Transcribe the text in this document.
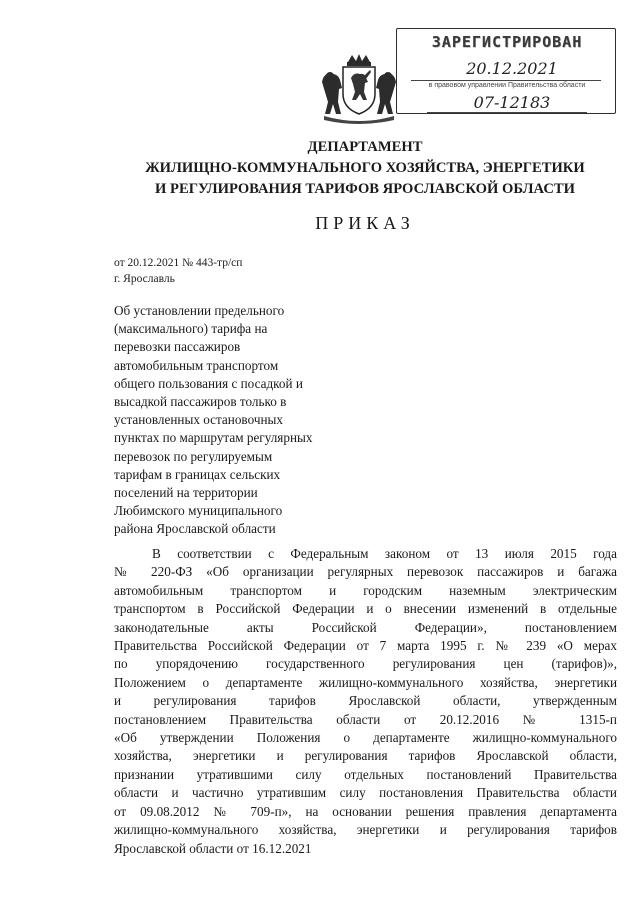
ЗАРЕГИСТРИРОВАН
20.12.2021
в правовом управлении Правительства области
07-12183
ДЕПАРТАМЕНТ
ЖИЛИЩНО-КОММУНАЛЬНОГО ХОЗЯЙСТВА, ЭНЕРГЕТИКИ
И РЕГУЛИРОВАНИЯ ТАРИФОВ ЯРОСЛАВСКОЙ ОБЛАСТИ
ПРИКАЗ
от 20.12.2021 № 443-тр/сп
г. Ярославль
Об установлении предельного
(максимального) тарифа на
перевозки пассажиров
автомобильным транспортом
общего пользования с посадкой и
высадкой пассажиров только в
установленных остановочных
пунктах по маршрутам регулярных
перевозок по регулируемым
тарифам в границах сельских
поселений на территории
Любимского муниципального
района Ярославской области
В соответствии с Федеральным законом от 13 июля 2015 года
№ 220-ФЗ «Об организации регулярных перевозок пассажиров и багажа
автомобильным транспортом и городским наземным электрическим
транспортом в Российской Федерации и о внесении изменений в отдельные
законодательные акты Российской Федерации», постановлением
Правительства Российской Федерации от 7 марта 1995 г. № 239 «О мерах
по упорядочению государственного регулирования цен (тарифов)»,
Положением о департаменте жилищно-коммунального хозяйства, энергетики
и регулирования тарифов Ярославской области, утвержденным
постановлением Правительства области от 20.12.2016 № 1315-п
«Об утверждении Положения о департаменте жилищно-коммунального
хозяйства, энергетики и регулирования тарифов Ярославской области,
признании утратившими силу отдельных постановлений Правительства
области и частично утратившим силу постановления Правительства области
от 09.08.2012 № 709-п», на основании решения правления департамента
жилищно-коммунального хозяйства, энергетики и регулирования тарифов
Ярославской области от 16.12.2021
